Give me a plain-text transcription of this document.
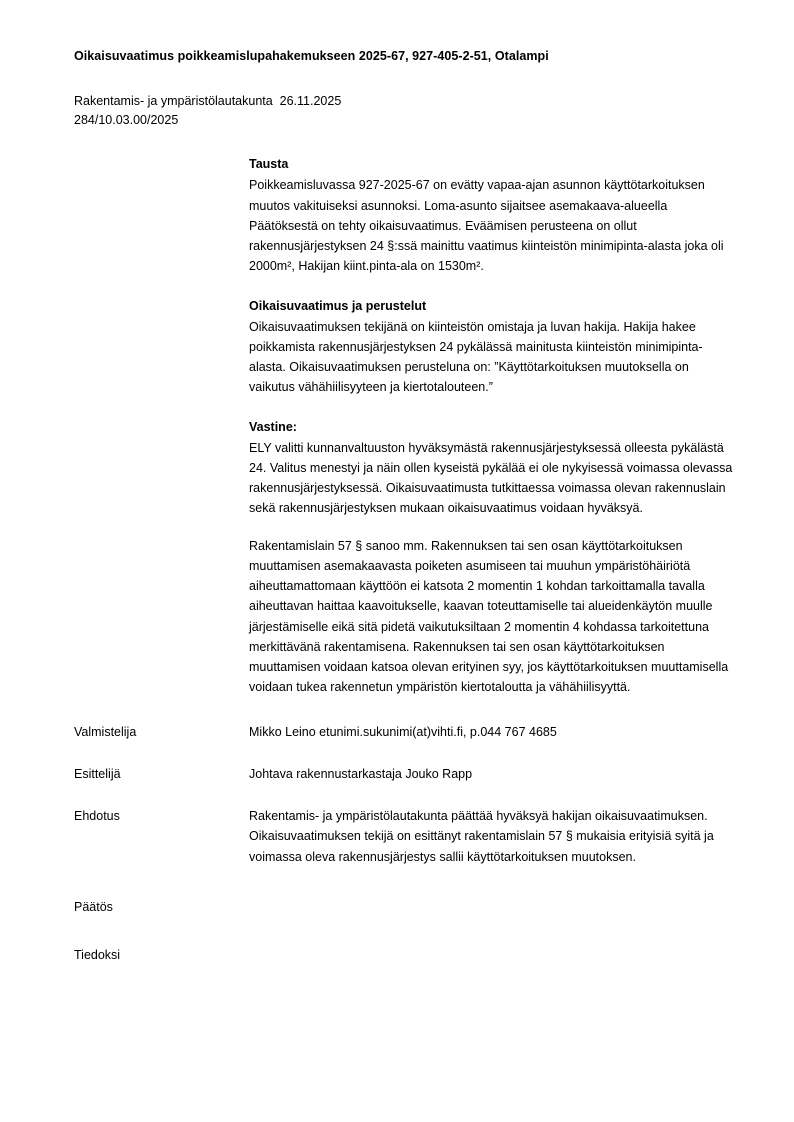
Oikaisuvaatimus poikkeamislupahakemukseen 2025-67, 927-405-2-51, Otalampi
Rakentamis- ja ympäristölautakunta  26.11.2025
284/10.03.00/2025
Tausta

Poikkeamisluvassa 927-2025-67 on evätty vapaa-ajan asunnon käyttötarkoituksen muutos vakituiseksi asunnoksi. Loma-asunto sijaitsee asemakaava-alueella Päätöksestä on tehty oikaisuvaatimus. Eväämisen perusteena on ollut rakennusjärjestyksen 24 §:ssä mainittu vaatimus kiinteistön minimipinta-alasta joka oli 2000m², Hakijan kiint.pinta-ala on 1530m².

Oikaisuvaatimus ja perustelut

Oikaisuvaatimuksen tekijänä on kiinteistön omistaja ja luvan hakija. Hakija hakee poikkamista rakennusjärjestyksen 24 pykälässä mainitusta kiinteistön minimipinta-alasta. Oikaisuvaatimuksen perusteluna on: ”Käyttötarkoituksen muutoksella on vaikutus vähähiilisyyteen ja kiertotalouteen.”

Vastine:

ELY valitti kunnanvaltuuston hyväksymästä rakennusjärjestyksessä olleesta pykälästä 24. Valitus menestyi ja näin ollen kyseistä pykälää ei ole nykyisessä voimassa olevassa rakennusjärjestyksessä. Oikaisuvaatimusta tutkittaessa voimassa olevan rakennuslain sekä rakennusjärjestyksen mukaan oikaisuvaatimus voidaan hyväksyä.

Rakentamislain 57 § sanoo mm. Rakennuksen tai sen osan käyttötarkoituksen muuttamisen asemakaavasta poiketen asumiseen tai muuhun ympäristöhäiriötä aiheuttamattomaan käyttöön ei katsota 2 momentin 1 kohdan tarkoittamalla tavalla aiheuttavan haittaa kaavoitukselle, kaavan toteuttamiselle tai alueidenkäytön muulle järjestämiselle eikä sitä pidetä vaikutuksiltaan 2 momentin 4 kohdassa tarkoitettuna merkittävänä rakentamisena. Rakennuksen tai sen osan käyttötarkoituksen muuttamisen voidaan katsoa olevan erityinen syy, jos käyttötarkoituksen muuttamisella voidaan tukea rakennetun ympäristön kiertotaloutta ja vähähiilisyyttä.

Valmistelija	Mikko Leino etunimi.sukunimi(at)vihti.fi, p.044 767 4685
Esittelijä	Johtava rakennustarkastaja Jouko Rapp
Ehdotus	Rakentamis- ja ympäristölautakunta päättää hyväksyä hakijan oikaisuvaatimuksen. Oikaisuvaatimuksen tekijä on esittänyt rakentamislain 57 § mukaisia erityisiä syitä ja voimassa oleva rakennusjärjestys sallii käyttötarkoituksen muutoksen.
Päätös
Tiedoksi
